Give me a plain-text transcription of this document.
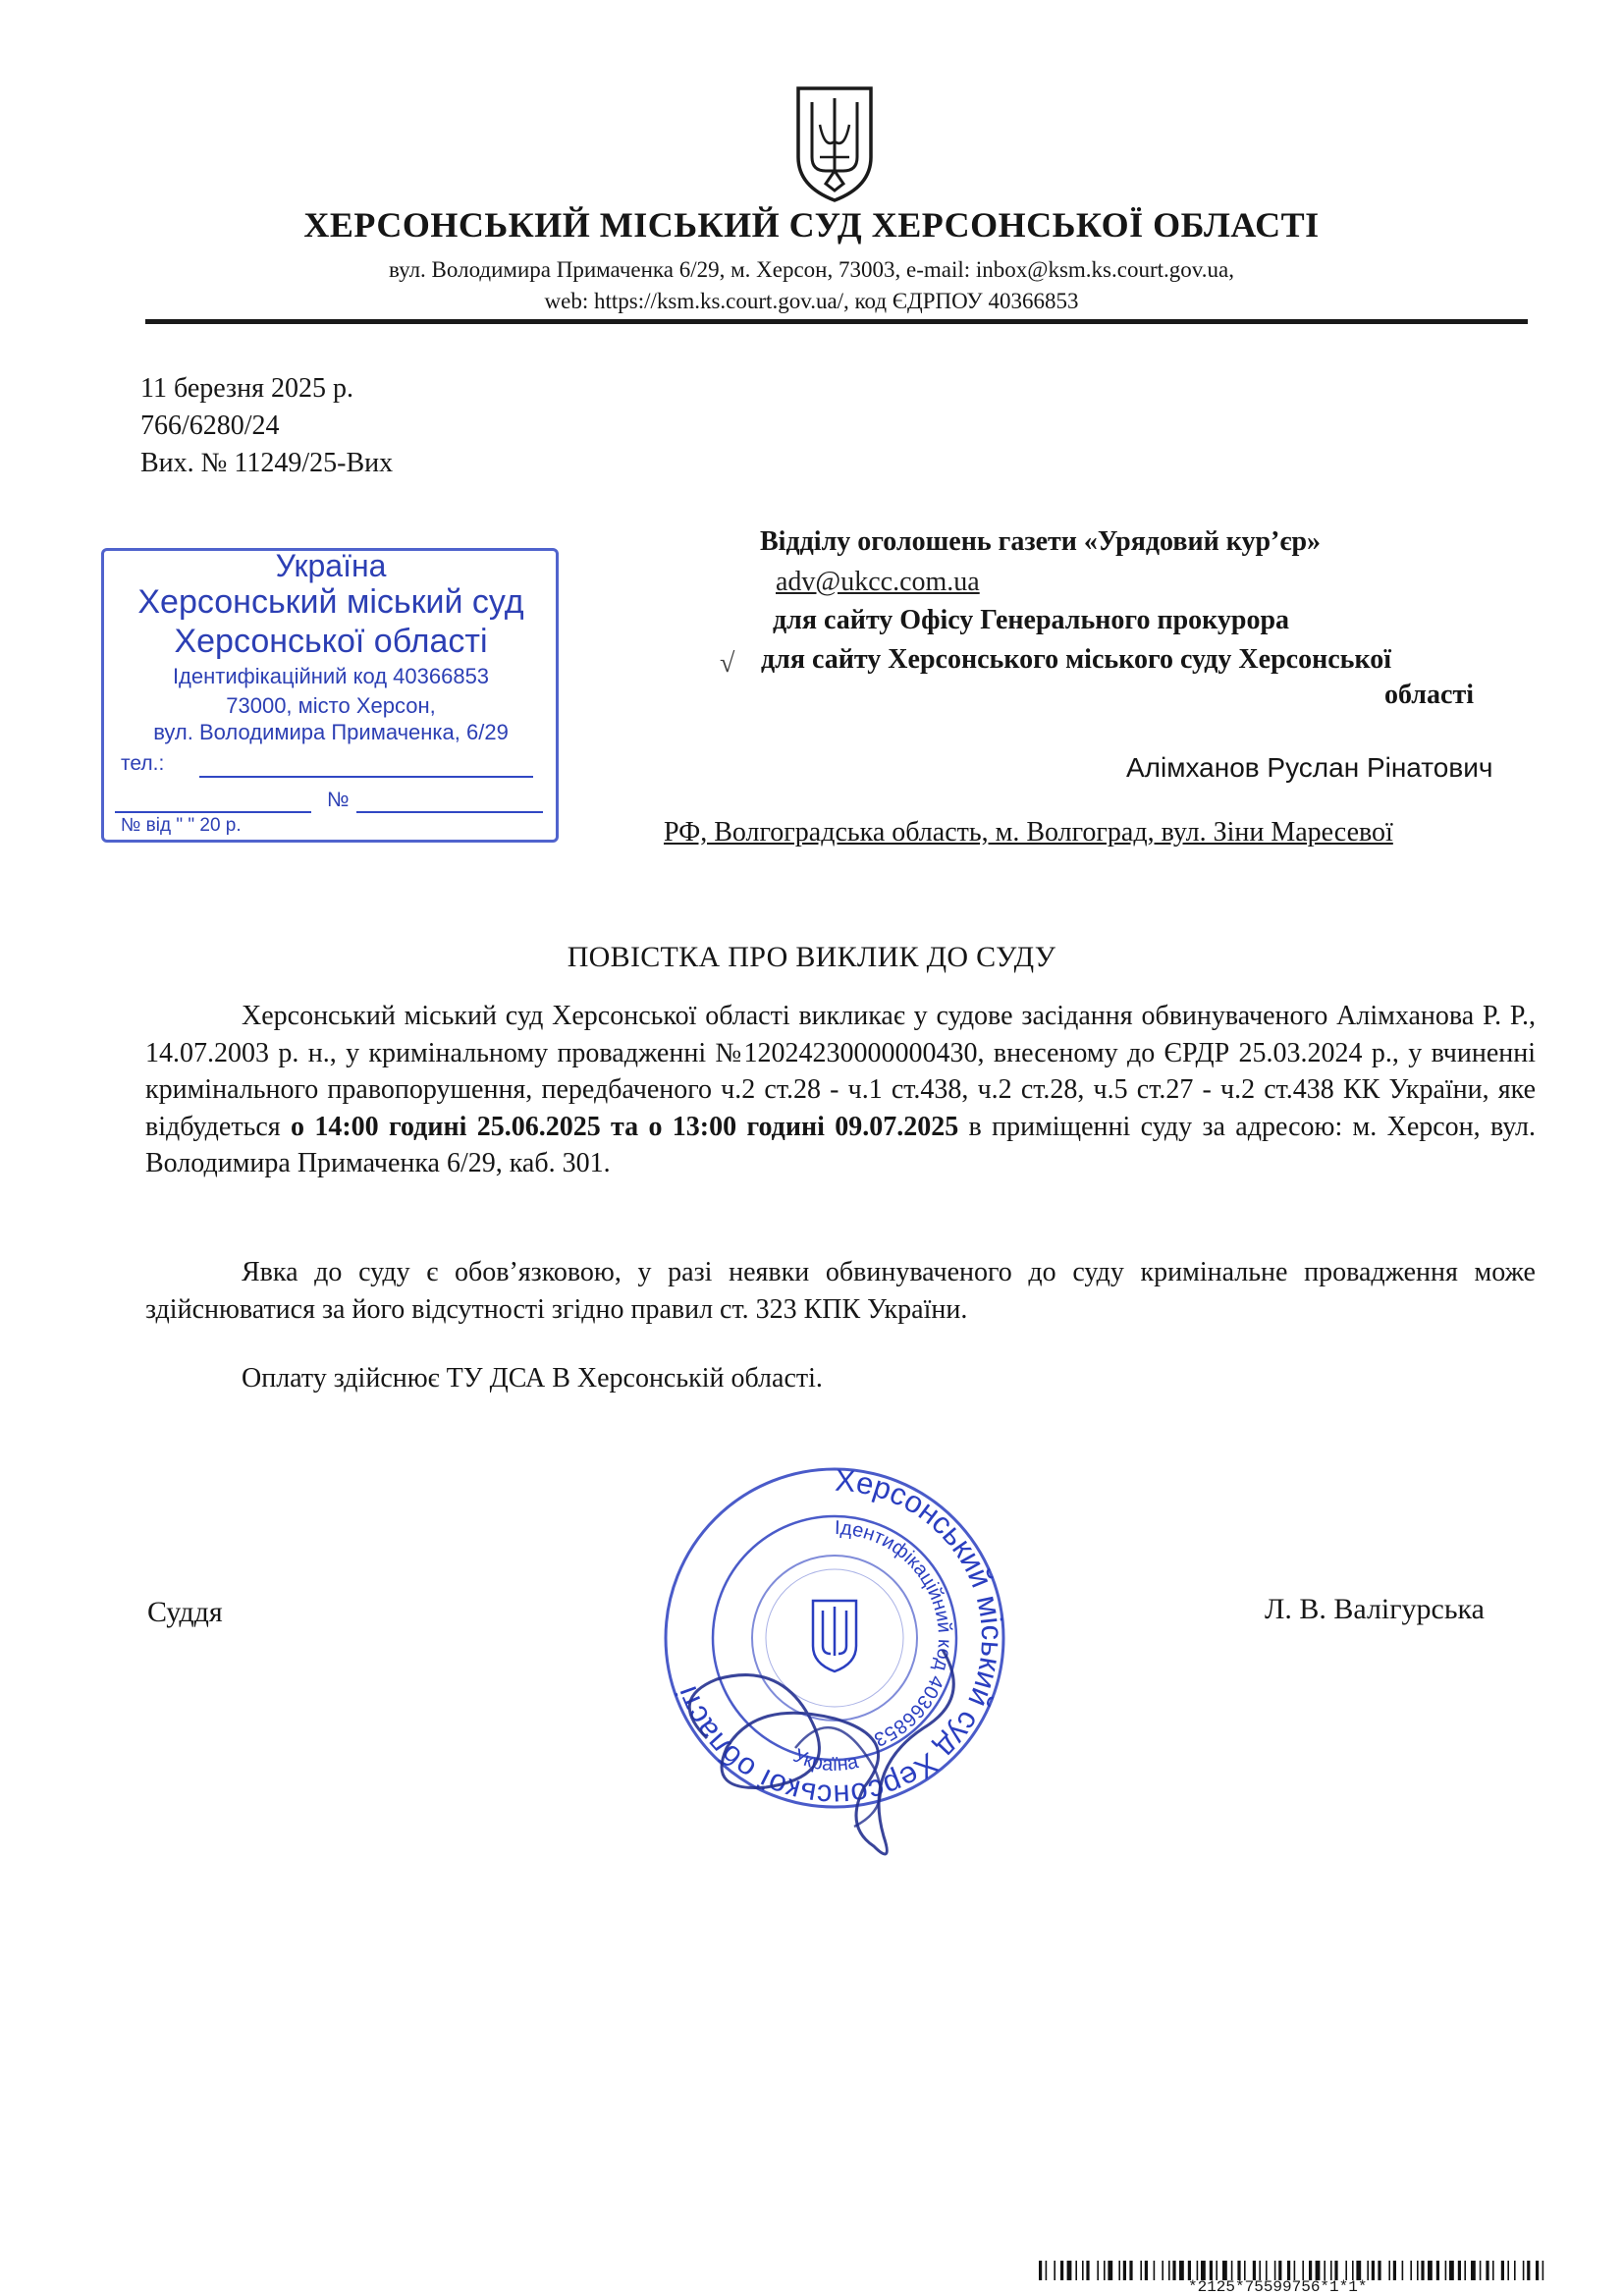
ХЕРСОНСЬКИЙ МІСЬКИЙ СУД ХЕРСОНСЬКОЇ ОБЛАСТІ
вул. Володимира Примаченка 6/29, м. Херсон, 73003, e-mail: inbox@ksm.ks.court.gov.ua,
web: https://ksm.ks.court.gov.ua/, код ЄДРПОУ 40366853
11 березня 2025 р.
766/6280/24
Вих. № 11249/25-Вих
Україна
Херсонський міський суд
Херсонської області
Ідентифікаційний код 40366853
73000, місто Херсон,
вул. Володимира Примаченка, 6/29
тел.:
№
№ від " " 20 р.
Відділу оголошень газети «Урядовий кур’єр»
adv@ukcc.com.ua
для сайту Офісу Генерального прокурора
√ для сайту Херсонського міського суду Херсонської
області
Алімханов Руслан Рінатович
РФ, Волгоградська область, м. Волгоград, вул. Зіни Маресевої
ПОВІСТКА ПРО ВИКЛИК ДО СУДУ
Херсонський міський суд Херсонської області викликає у судове засідання обвинуваченого Алімханова Р. Р., 14.07.2003 р. н., у кримінальному провадженні №12024230000000430, внесеному до ЄРДР 25.03.2024 р., у вчиненні кримінального правопорушення, передбаченого ч.2 ст.28 - ч.1 ст.438, ч.2 ст.28, ч.5 ст.27 - ч.2 ст.438 КК України, яке відбудеться о 14:00 годині 25.06.2025 та о 13:00 годині 09.07.2025 в приміщенні суду за адресою: м. Херсон, вул. Володимира Примаченка 6/29, каб. 301.
Явка до суду є обов’язковою, у разі неявки обвинуваченого до суду кримінальне провадження може здійснюватися за його відсутності згідно правил ст. 323 КПК України.
Оплату здійснює ТУ ДСА В Херсонській області.
Суддя	Л. В. Валігурська
Херсонський міський суд Херсонської області
Ідентифікаційний код 40366853
Україна
*2125*75599756*1*1*
